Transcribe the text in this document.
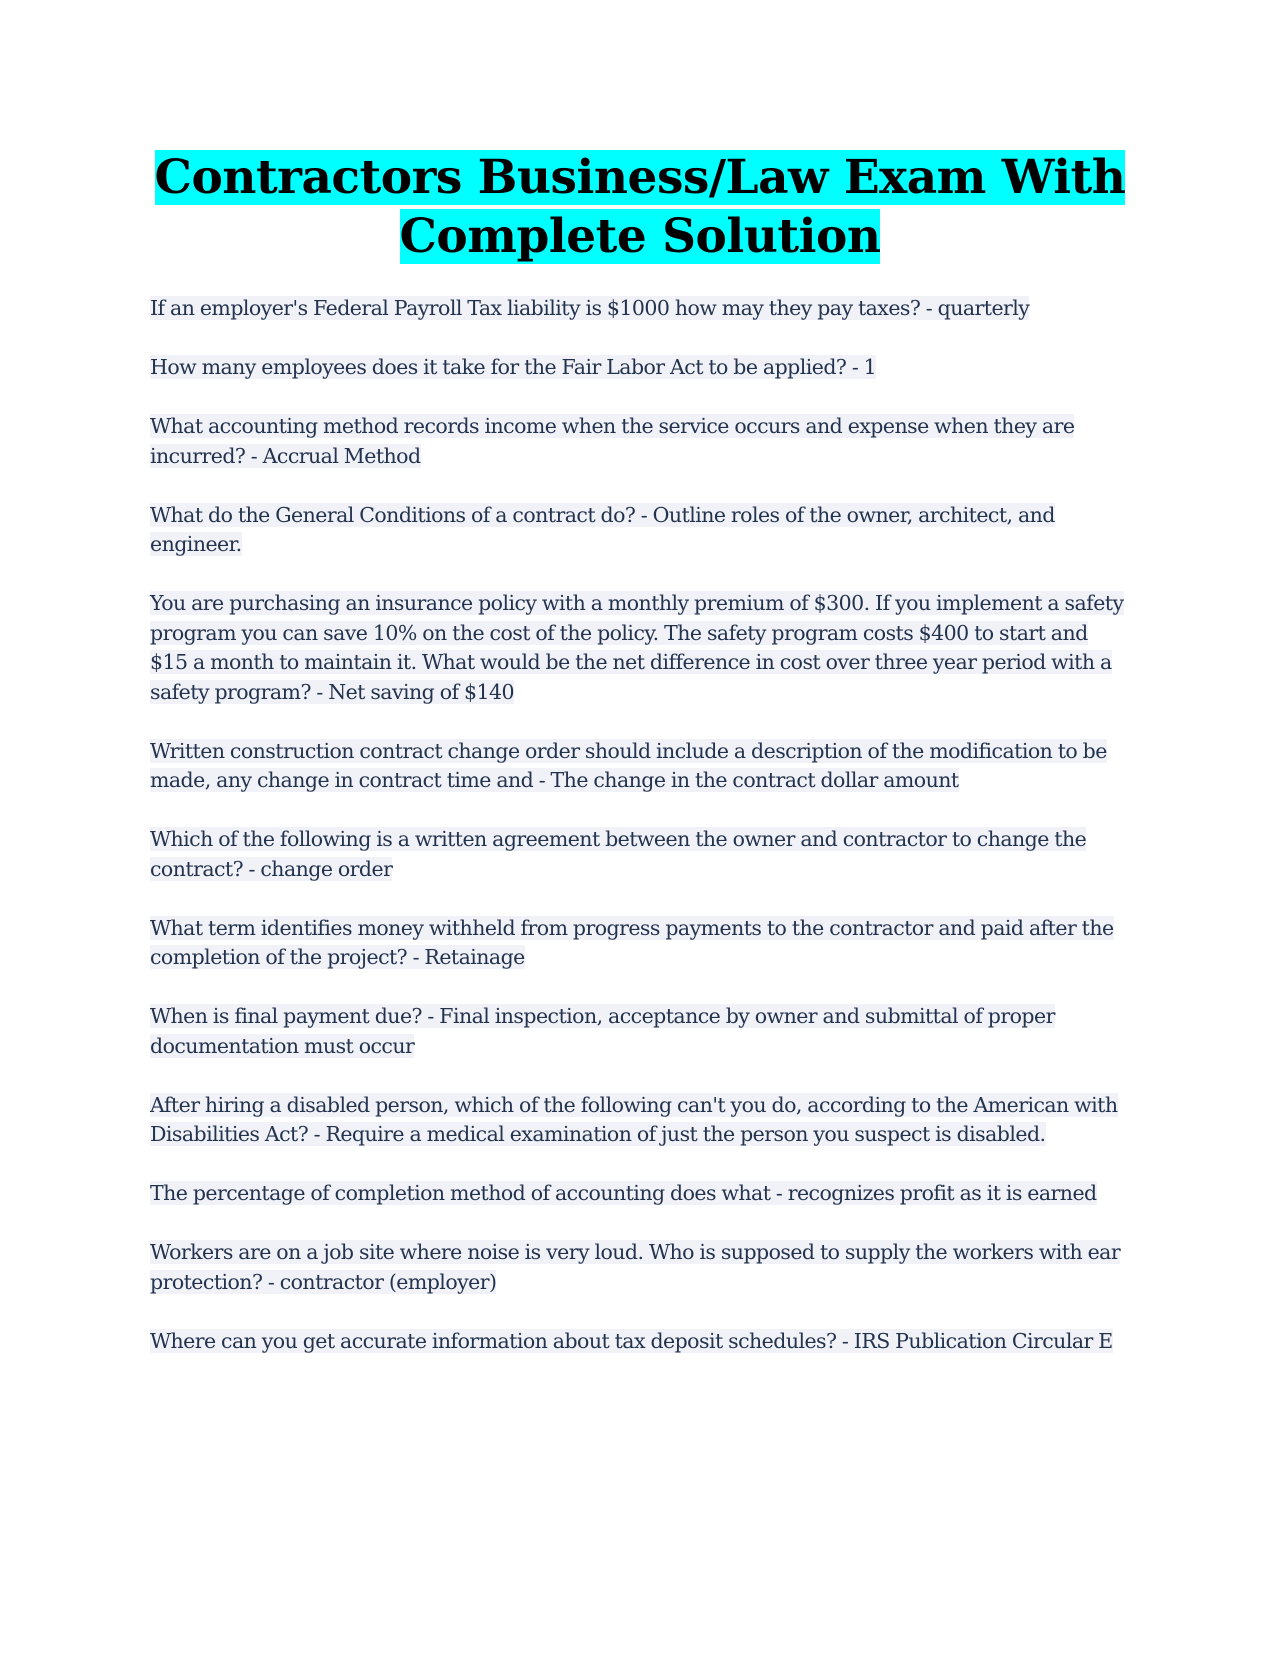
Contractors Business/Law Exam With
Complete Solution
If an employer's Federal Payroll Tax liability is $1000 how may they pay taxes? - quarterly
How many employees does it take for the Fair Labor Act to be applied? - 1
What accounting method records income when the service occurs and expense when they are incurred? - Accrual Method
What do the General Conditions of a contract do? - Outline roles of the owner, architect, and engineer.
You are purchasing an insurance policy with a monthly premium of $300. If you implement a safety program you can save 10% on the cost of the policy. The safety program costs $400 to start and $15 a month to maintain it. What would be the net difference in cost over three year period with a safety program? - Net saving of $140
Written construction contract change order should include a description of the modification to be made, any change in contract time and - The change in the contract dollar amount
Which of the following is a written agreement between the owner and contractor to change the contract? - change order
What term identifies money withheld from progress payments to the contractor and paid after the completion of the project? - Retainage
When is final payment due? - Final inspection, acceptance by owner and submittal of proper documentation must occur
After hiring a disabled person, which of the following can't you do, according to the American with Disabilities Act? - Require a medical examination of just the person you suspect is disabled.
The percentage of completion method of accounting does what - recognizes profit as it is earned
Workers are on a job site where noise is very loud. Who is supposed to supply the workers with ear protection? - contractor (employer)
Where can you get accurate information about tax deposit schedules? - IRS Publication Circular E
